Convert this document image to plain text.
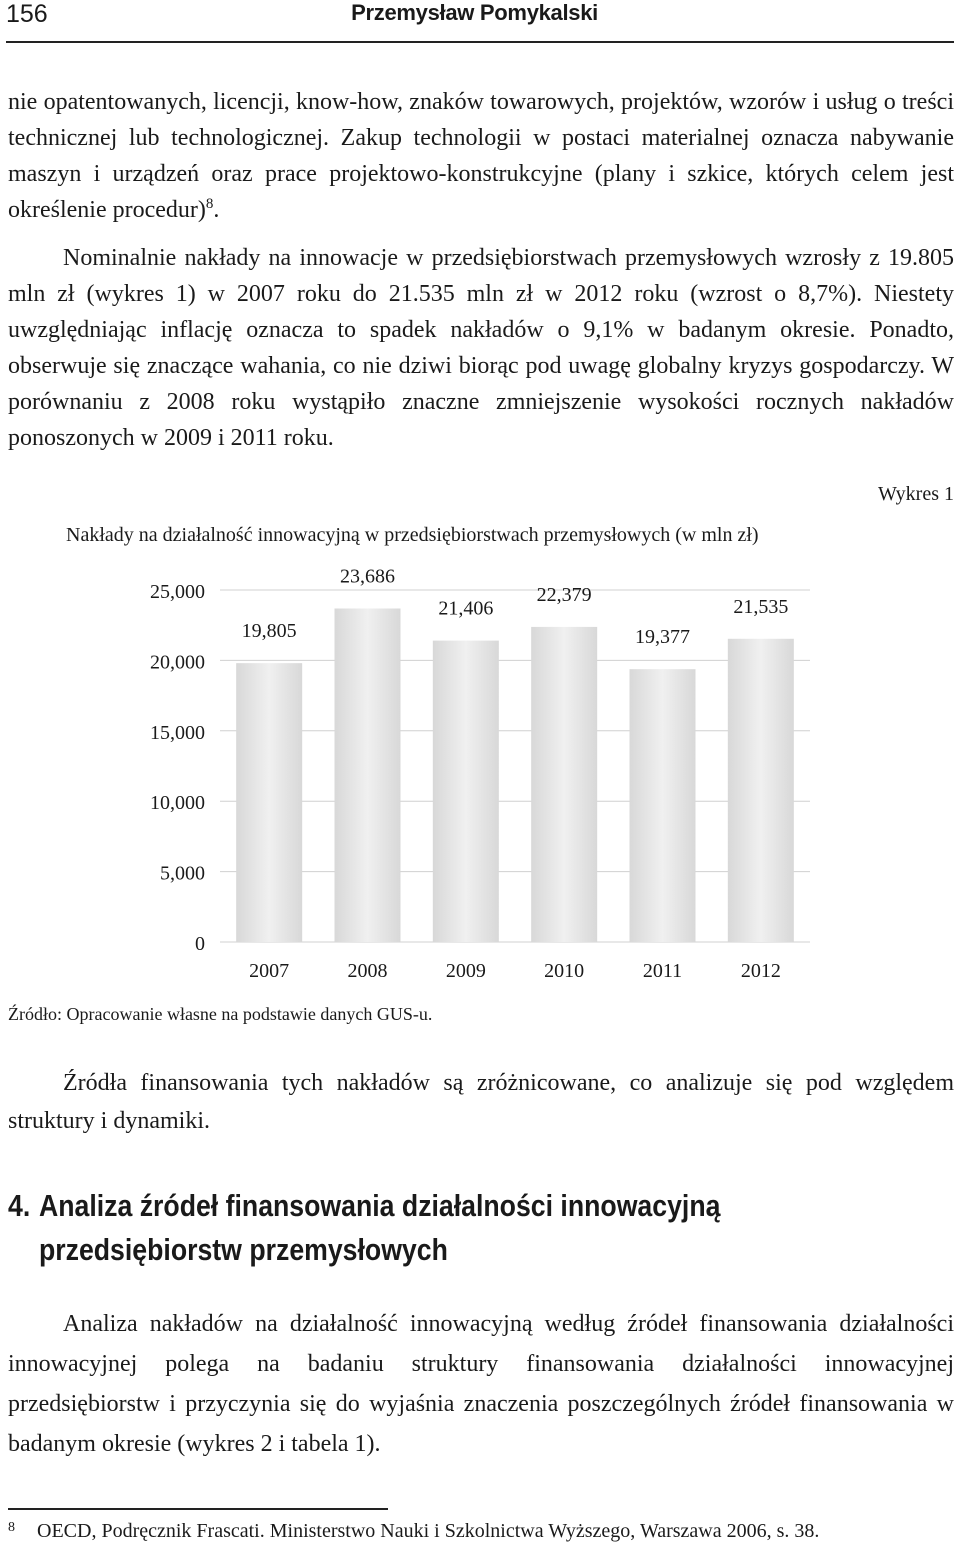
156	Przemysław Pomykalski

nie opatentowanych, licencji, know-how, znaków towarowych, projektów, wzorów i usług o treści technicznej lub technologicznej. Zakup technologii w postaci materialnej oznacza nabywanie maszyn i urządzeń oraz prace projektowo-konstrukcyjne (plany i szkice, których celem jest określenie procedur)$^8$.

Nominalnie nakłady na innowacje w przedsiębiorstwach przemysłowych wzrosły z 19.805 mln zł (wykres 1) w 2007 roku do 21.535 mln zł w 2012 roku (wzrost o 8,7%). Niestety uwzględniając inflację oznacza to spadek nakładów o 9,1% w badanym okresie. Ponadto, obserwuje się znaczące wahania, co nie dziwi biorąc pod uwagę globalny kryzys gospodarczy. W porównaniu z 2008 roku wystąpiło znaczne zmniejszenie wysokości rocznych nakładów ponoszonych w 2009 i 2011 roku.

Wykres 1
Nakłady na działalność innowacyjną w przedsiębiorstwach przemysłowych (w mln zł)
0
5,000
10,000
15,000
20,000
25,000
19,805
23,686
21,406
22,379
19,377
21,535
2007	2008	2009	2010	2011	2012
Źródło: Opracowanie własne na podstawie danych GUS-u.

Źródła finansowania tych nakładów są zróżnicowane, co analizuje się pod względem struktury i dynamiki.

4. Analiza źródeł finansowania działalności innowacyjną
przedsiębiorstw przemysłowych

Analiza nakładów na działalność innowacyjną według źródeł finansowania działalności innowacyjnej polega na badaniu struktury finansowania działalności innowacyjnej przedsiębiorstw i przyczynia się do wyjaśnia znaczenia poszczególnych źródeł finansowania w badanym okresie (wykres 2 i tabela 1).

$^8$ OECD, Podręcznik Frascati. Ministerstwo Nauki i Szkolnictwa Wyższego, Warszawa 2006, s. 38.
